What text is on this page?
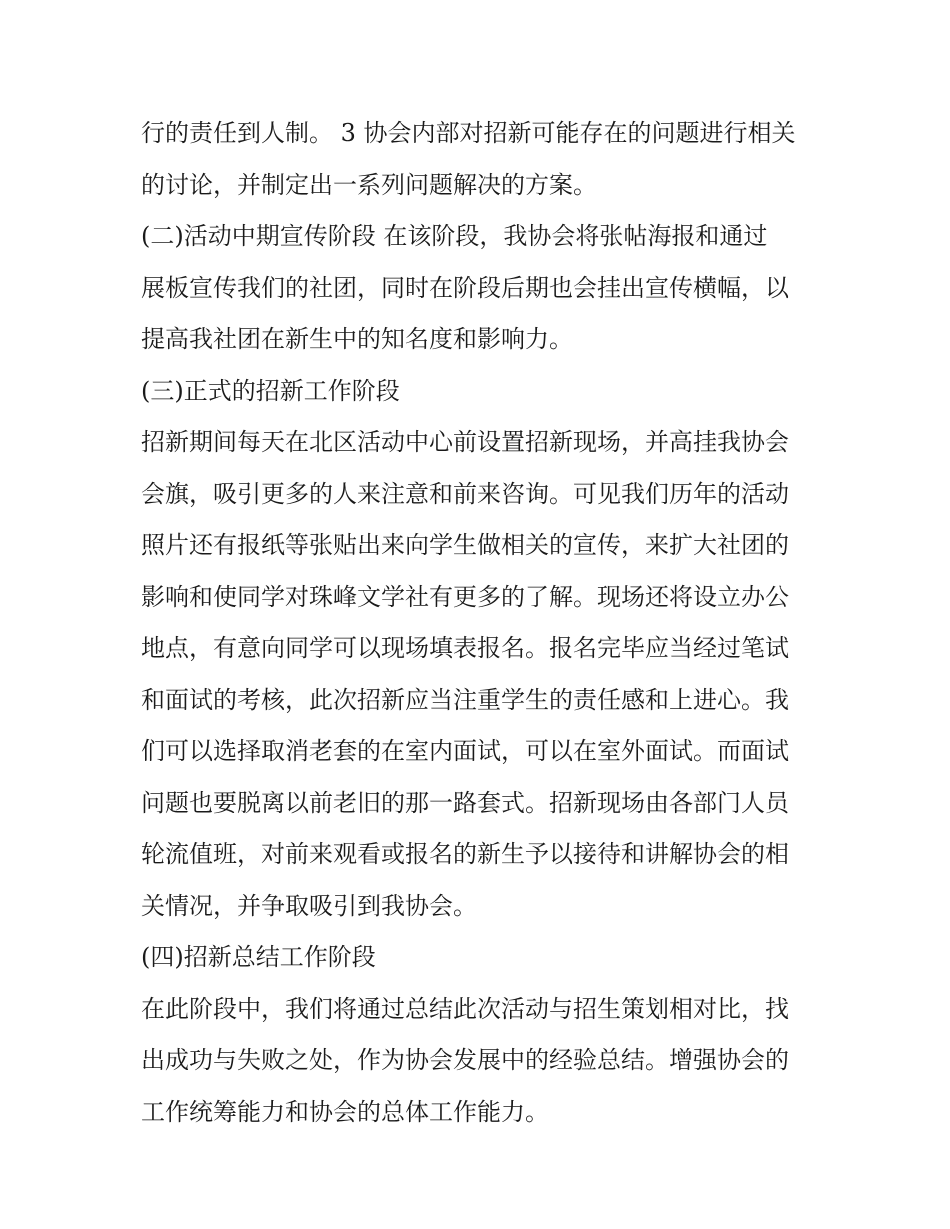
行的责任到人制。 3 协会内部对招新可能存在的问题进行相关
的讨论，并制定出一系列问题解决的方案。
(二)活动中期宣传阶段 在该阶段，我协会将张帖海报和通过
展板宣传我们的社团，同时在阶段后期也会挂出宣传横幅，以
提高我社团在新生中的知名度和影响力。
(三)正式的招新工作阶段
招新期间每天在北区活动中心前设置招新现场，并高挂我协会
会旗，吸引更多的人来注意和前来咨询。可见我们历年的活动
照片还有报纸等张贴出来向学生做相关的宣传，来扩大社团的
影响和使同学对珠峰文学社有更多的了解。现场还将设立办公
地点，有意向同学可以现场填表报名。报名完毕应当经过笔试
和面试的考核，此次招新应当注重学生的责任感和上进心。我
们可以选择取消老套的在室内面试，可以在室外面试。而面试
问题也要脱离以前老旧的那一路套式。招新现场由各部门人员
轮流值班，对前来观看或报名的新生予以接待和讲解协会的相
关情况，并争取吸引到我协会。
(四)招新总结工作阶段
在此阶段中，我们将通过总结此次活动与招生策划相对比，找
出成功与失败之处，作为协会发展中的经验总结。增强协会的
工作统筹能力和协会的总体工作能力。
